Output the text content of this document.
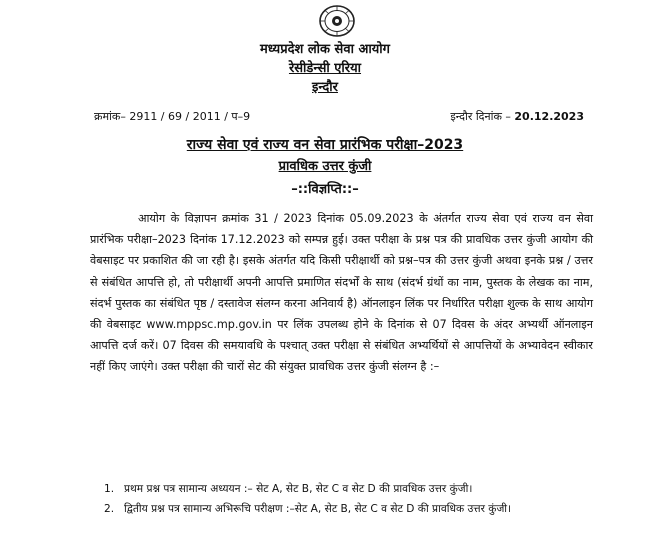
मध्यप्रदेश लोक सेवा आयोग
रेसीडेन्सी एरिया
इन्दौर
क्रमांक– 2911 / 69 / 2011 / प–9	इन्दौर दिनांक – 20.12.2023
राज्य सेवा एवं राज्य वन सेवा प्रारंभिक परीक्षा–2023
प्रावधिक उत्तर कुंजी
–::विज्ञप्ति::–

आयोग के विज्ञापन क्रमांक 31 / 2023 दिनांक 05.09.2023 के अंतर्गत राज्य सेवा एवं राज्य वन सेवा प्रारंभिक परीक्षा–2023 दिनांक 17.12.2023 को सम्पन्न हुई। उक्त परीक्षा के प्रश्न पत्र की प्रावधिक उत्तर कुंजी आयोग की वेबसाइट पर प्रकाशित की जा रही है। इसके अंतर्गत यदि किसी परीक्षार्थी को प्रश्न–पत्र की उत्तर कुंजी अथवा इनके प्रश्न / उत्तर से संबंधित आपत्ति हो, तो परीक्षार्थी अपनी आपत्ति प्रमाणित संदर्भों के साथ (संदर्भ ग्रंथों का नाम, पुस्तक के लेखक का नाम, संदर्भ पुस्तक का संबंधित पृष्ठ / दस्तावेज संलग्न करना अनिवार्य है) ऑनलाइन लिंक पर निर्धारित परीक्षा शुल्क के साथ आयोग की वेबसाइट www.mppsc.mp.gov.in पर लिंक उपलब्ध होने के दिनांक से 07 दिवस के अंदर अभ्यर्थी ऑनलाइन आपत्ति दर्ज करें। 07 दिवस की समयावधि के पश्चात् उक्त परीक्षा से संबंधित अभ्यर्थियों से आपत्तियों के अभ्यावेदन स्वीकार नहीं किए जाएंगे। उक्त परीक्षा की चारों सेट की संयुक्त प्रावधिक उत्तर कुंजी संलग्न है :–

1. प्रथम प्रश्न पत्र सामान्य अध्ययन :– सेट A, सेट B, सेट C व सेट D की प्रावधिक उत्तर कुंजी।
2. द्वितीय प्रश्न पत्र सामान्य अभिरूचि परीक्षण :–सेट A, सेट B, सेट C व सेट D की प्रावधिक उत्तर कुंजी।
